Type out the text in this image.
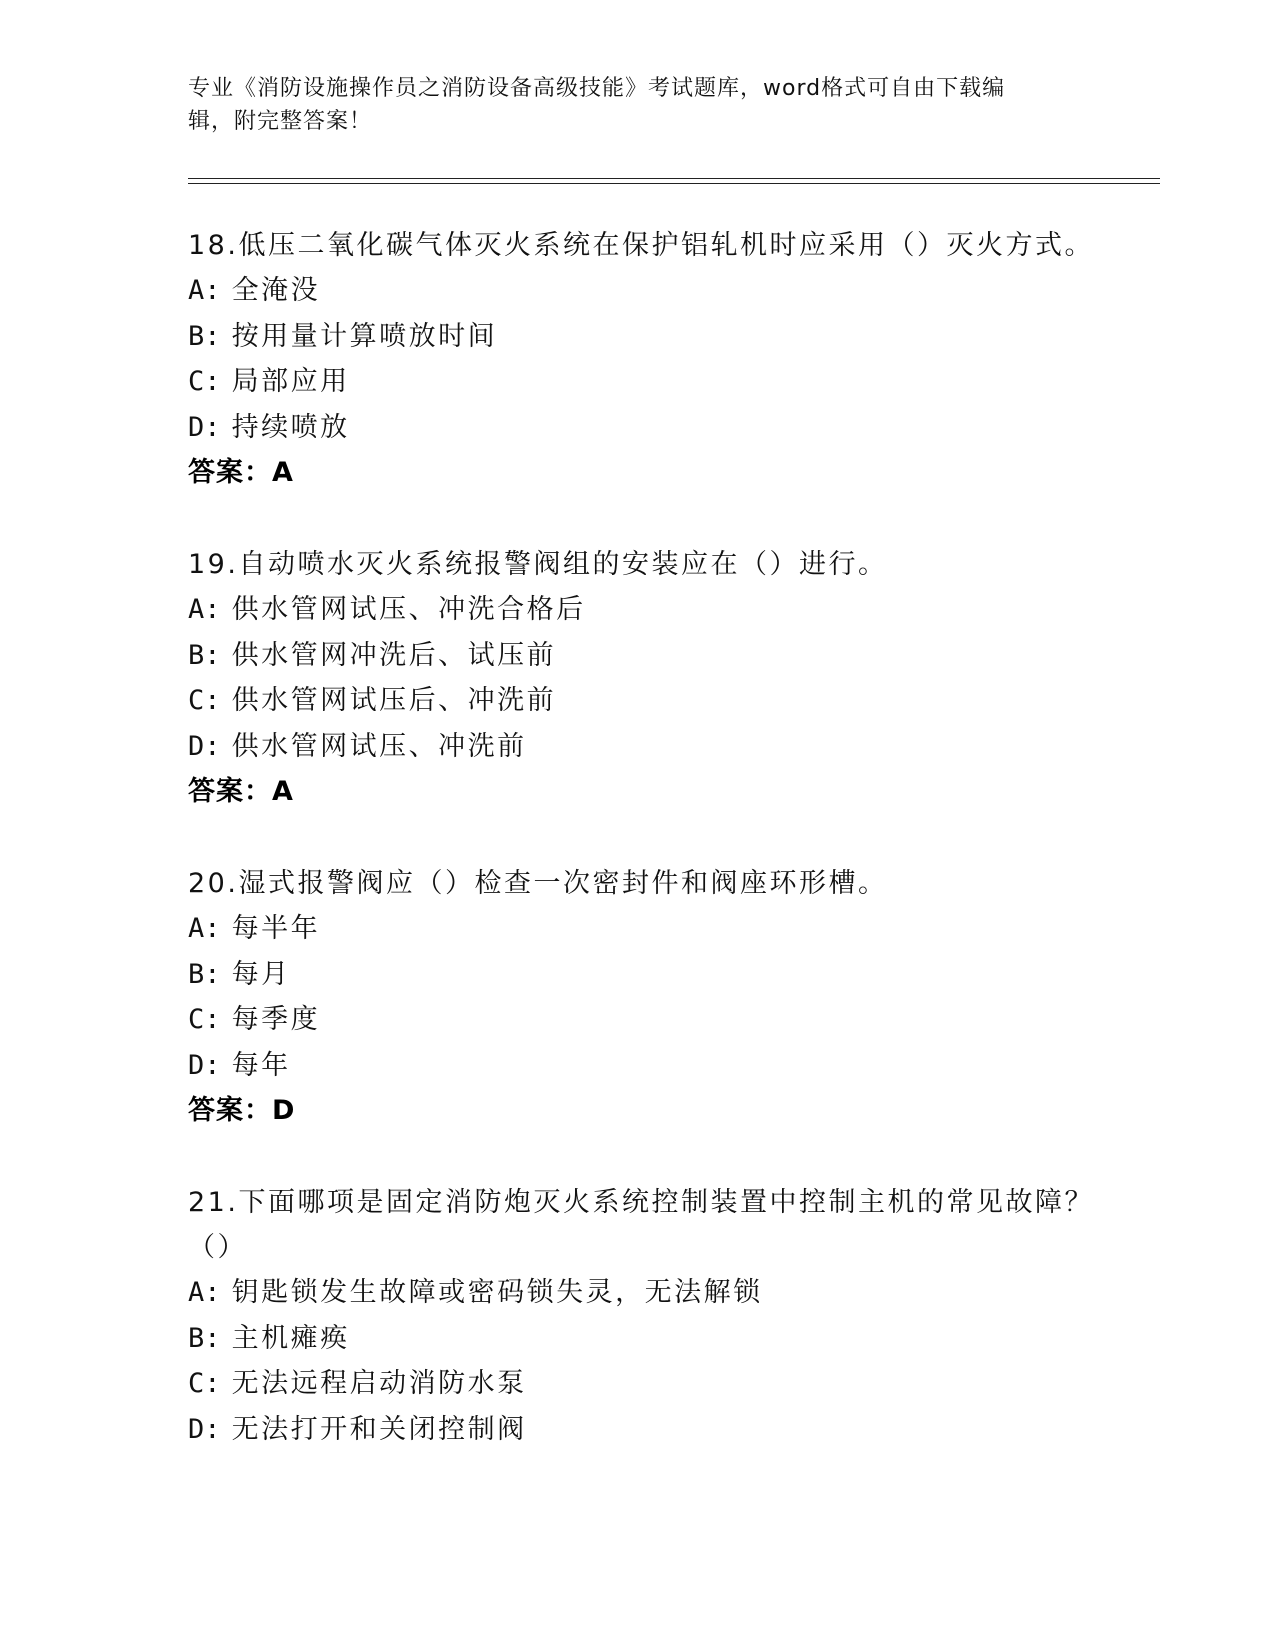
专业《消防设施操作员之消防设备高级技能》考试题库，word格式可自由下载编
辑，附完整答案！
18.低压二氧化碳气体灭火系统在保护铝轧机时应采用（）灭火方式。
A: 全淹没
B: 按用量计算喷放时间
C: 局部应用
D: 持续喷放
答案：A
19.自动喷水灭火系统报警阀组的安装应在（）进行。
A: 供水管网试压、冲洗合格后
B: 供水管网冲洗后、试压前
C: 供水管网试压后、冲洗前
D: 供水管网试压、冲洗前
答案：A
20.湿式报警阀应（）检查一次密封件和阀座环形槽。
A: 每半年
B: 每月
C: 每季度
D: 每年
答案：D
21.下面哪项是固定消防炮灭火系统控制装置中控制主机的常见故障？
（）
A: 钥匙锁发生故障或密码锁失灵，无法解锁
B: 主机瘫痪
C: 无法远程启动消防水泵
D: 无法打开和关闭控制阀
